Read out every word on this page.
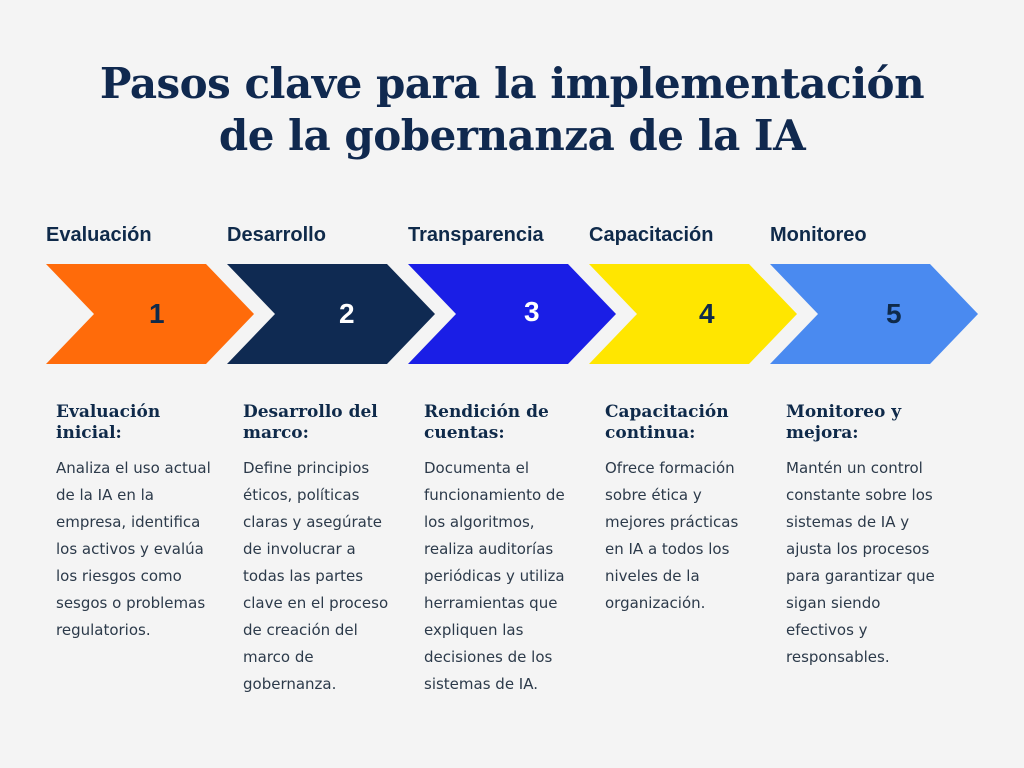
Pasos clave para la implementación
de la gobernanza de la IA
Evaluación
1
Evaluación
inicial:
Analiza el uso actual
de la IA en la
empresa, identifica
los activos y evalúa
los riesgos como
sesgos o problemas
regulatorios.
Desarrollo
2
Desarrollo del
marco:
Define principios
éticos, políticas
claras y asegúrate
de involucrar a
todas las partes
clave en el proceso
de creación del
marco de
gobernanza.
Transparencia
3
Rendición de
cuentas:
Documenta el
funcionamiento de
los algoritmos,
realiza auditorías
periódicas y utiliza
herramientas que
expliquen las
decisiones de los
sistemas de IA.
Capacitación
4
Capacitación
continua:
Ofrece formación
sobre ética y
mejores prácticas
en IA a todos los
niveles de la
organización.
Monitoreo
5
Monitoreo y
mejora:
Mantén un control
constante sobre los
sistemas de IA y
ajusta los procesos
para garantizar que
sigan siendo
efectivos y
responsables.
